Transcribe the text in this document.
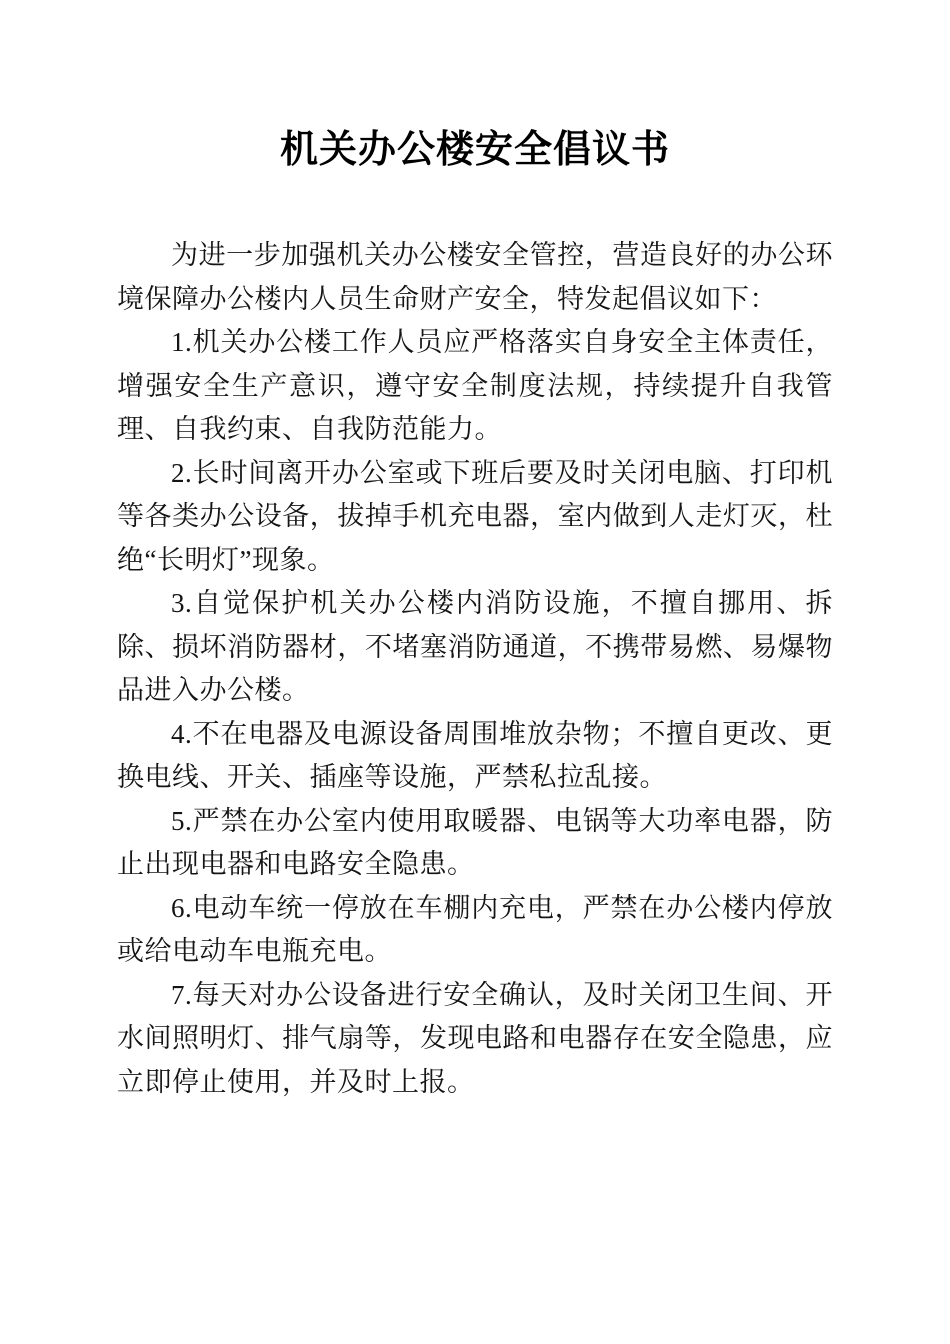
机关办公楼安全倡议书

为进一步加强机关办公楼安全管控，营造良好的办公环境保障办公楼内人员生命财产安全，特发起倡议如下：

1.机关办公楼工作人员应严格落实自身安全主体责任，增强安全生产意识，遵守安全制度法规，持续提升自我管理、自我约束、自我防范能力。

2.长时间离开办公室或下班后要及时关闭电脑、打印机等各类办公设备，拔掉手机充电器，室内做到人走灯灭，杜绝“长明灯”现象。

3.自觉保护机关办公楼内消防设施，不擅自挪用、拆除、损坏消防器材，不堵塞消防通道，不携带易燃、易爆物品进入办公楼。

4.不在电器及电源设备周围堆放杂物；不擅自更改、更换电线、开关、插座等设施，严禁私拉乱接。

5.严禁在办公室内使用取暖器、电锅等大功率电器，防止出现电器和电路安全隐患。

6.电动车统一停放在车棚内充电，严禁在办公楼内停放或给电动车电瓶充电。

7.每天对办公设备进行安全确认，及时关闭卫生间、开水间照明灯、排气扇等，发现电路和电器存在安全隐患，应立即停止使用，并及时上报。
